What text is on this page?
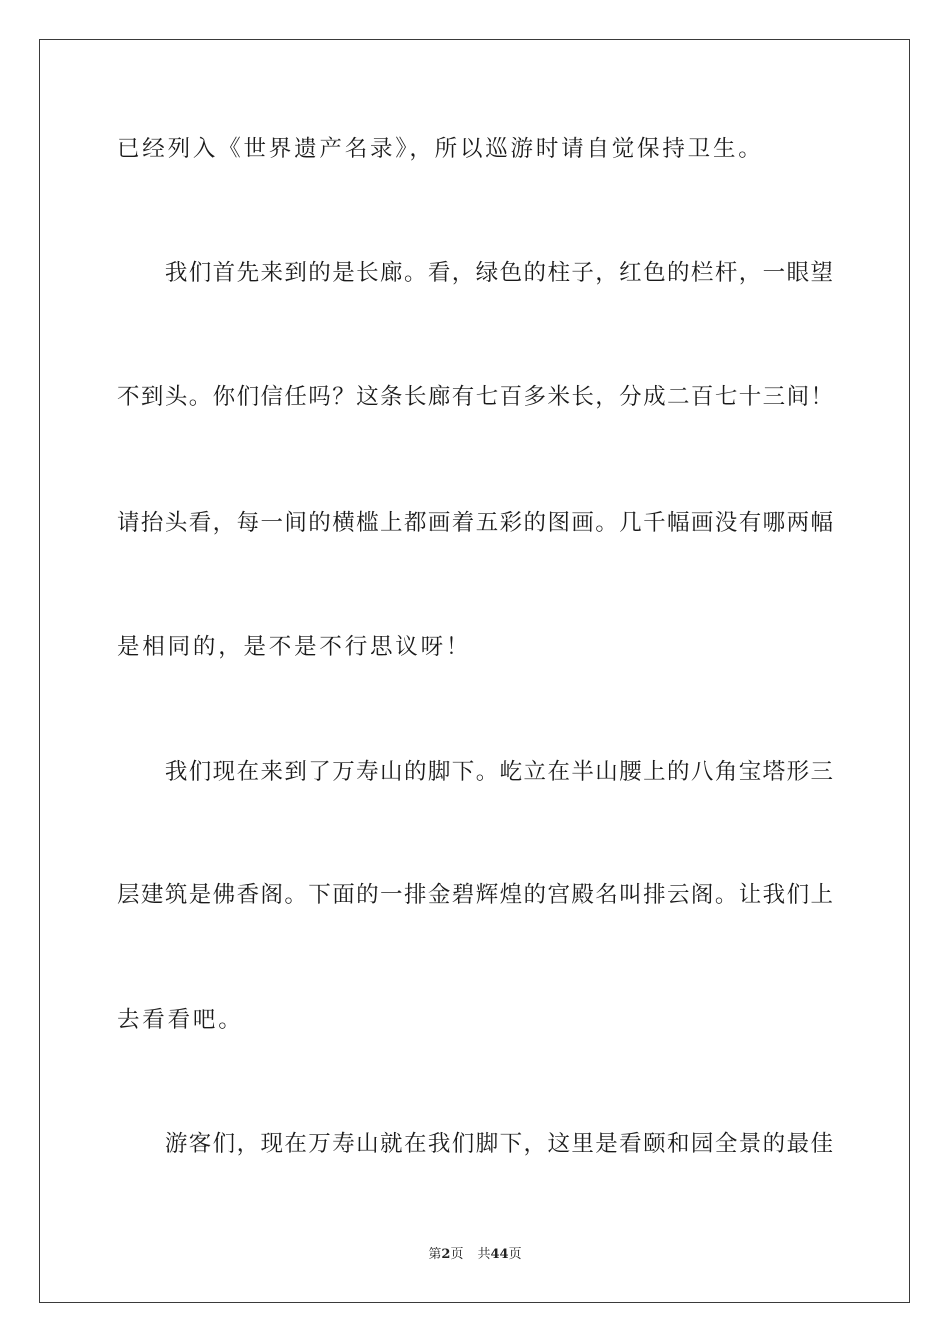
已经列入《世界遗产名录》，所以巡游时请自觉保持卫生。
　　我们首先来到的是长廊。看，绿色的柱子，红色的栏杆，一眼望
不到头。你们信任吗？这条长廊有七百多米长，分成二百七十三间！
请抬头看，每一间的横槛上都画着五彩的图画。几千幅画没有哪两幅
是相同的，是不是不行思议呀！
　　我们现在来到了万寿山的脚下。屹立在半山腰上的八角宝塔形三
层建筑是佛香阁。下面的一排金碧辉煌的宫殿名叫排云阁。让我们上
去看看吧。
　　游客们，现在万寿山就在我们脚下，这里是看颐和园全景的最佳
第2页 共44页
